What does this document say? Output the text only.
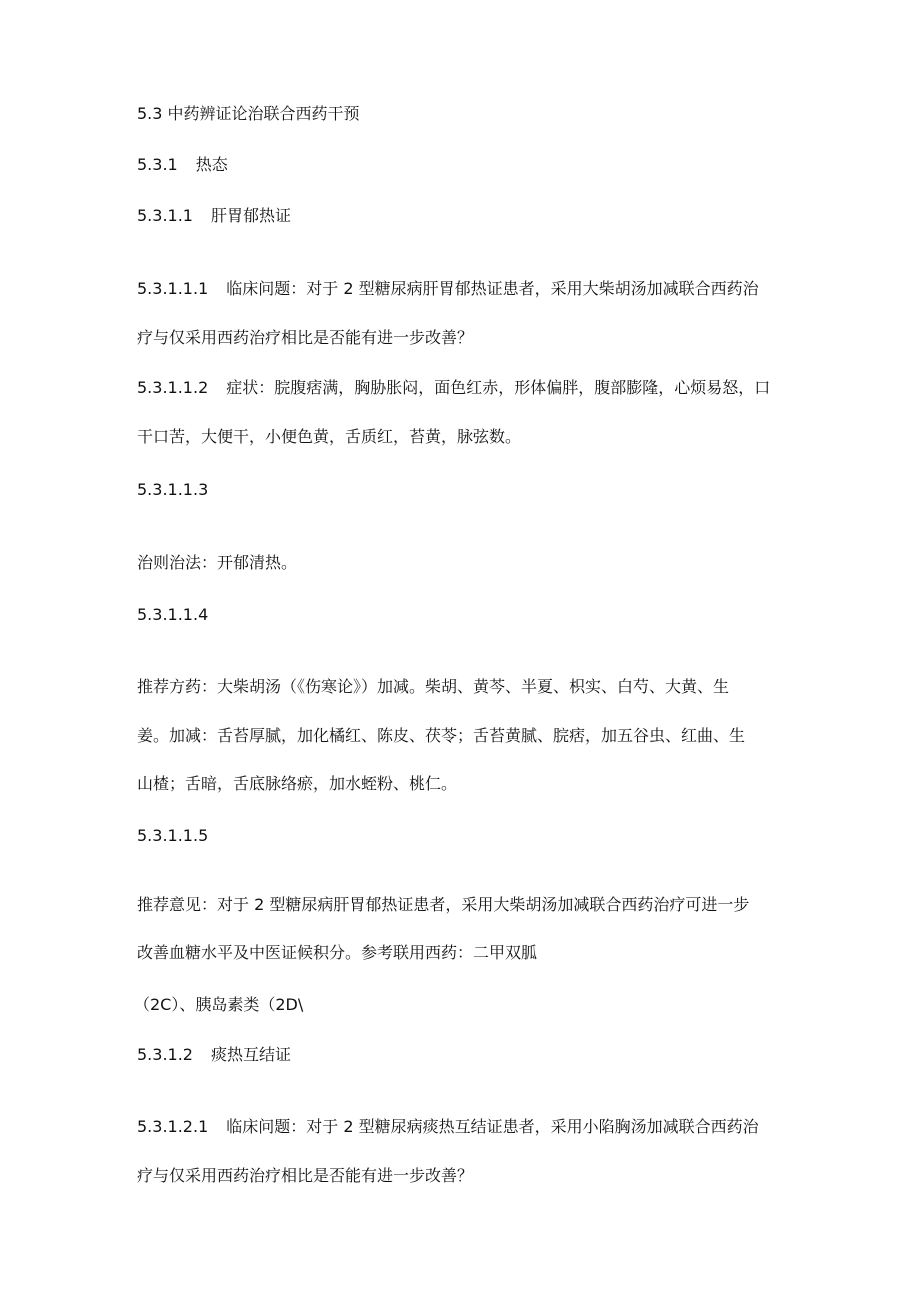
5.3 中药辨证论治联合西药干预
5.3.1 热态
5.3.1.1 肝胃郁热证
5.3.1.1.1 临床问题：对于 2 型糖尿病肝胃郁热证患者，采用大柴胡汤加减联合西药治
疗与仅采用西药治疗相比是否能有进一步改善？
5.3.1.1.2 症状：脘腹痞满，胸胁胀闷，面色红赤，形体偏胖，腹部膨隆，心烦易怒，口
干口苦，大便干，小便色黄，舌质红，苔黄，脉弦数。
5.3.1.1.3
治则治法：开郁清热。
5.3.1.1.4
推荐方药：大柴胡汤（《伤寒论》）加减。柴胡、黄芩、半夏、枳实、白芍、大黄、生
姜。加减：舌苔厚腻，加化橘红、陈皮、茯苓；舌苔黄腻、脘痞，加五谷虫、红曲、生
山楂；舌暗，舌底脉络瘀，加水蛭粉、桃仁。
5.3.1.1.5
推荐意见：对于 2 型糖尿病肝胃郁热证患者，采用大柴胡汤加减联合西药治疗可进一步
改善血糖水平及中医证候积分。参考联用西药：二甲双胍
（2C）、胰岛素类（2D\
5.3.1.2 痰热互结证
5.3.1.2.1 临床问题：对于 2 型糖尿病痰热互结证患者，采用小陷胸汤加减联合西药治
疗与仅采用西药治疗相比是否能有进一步改善？
